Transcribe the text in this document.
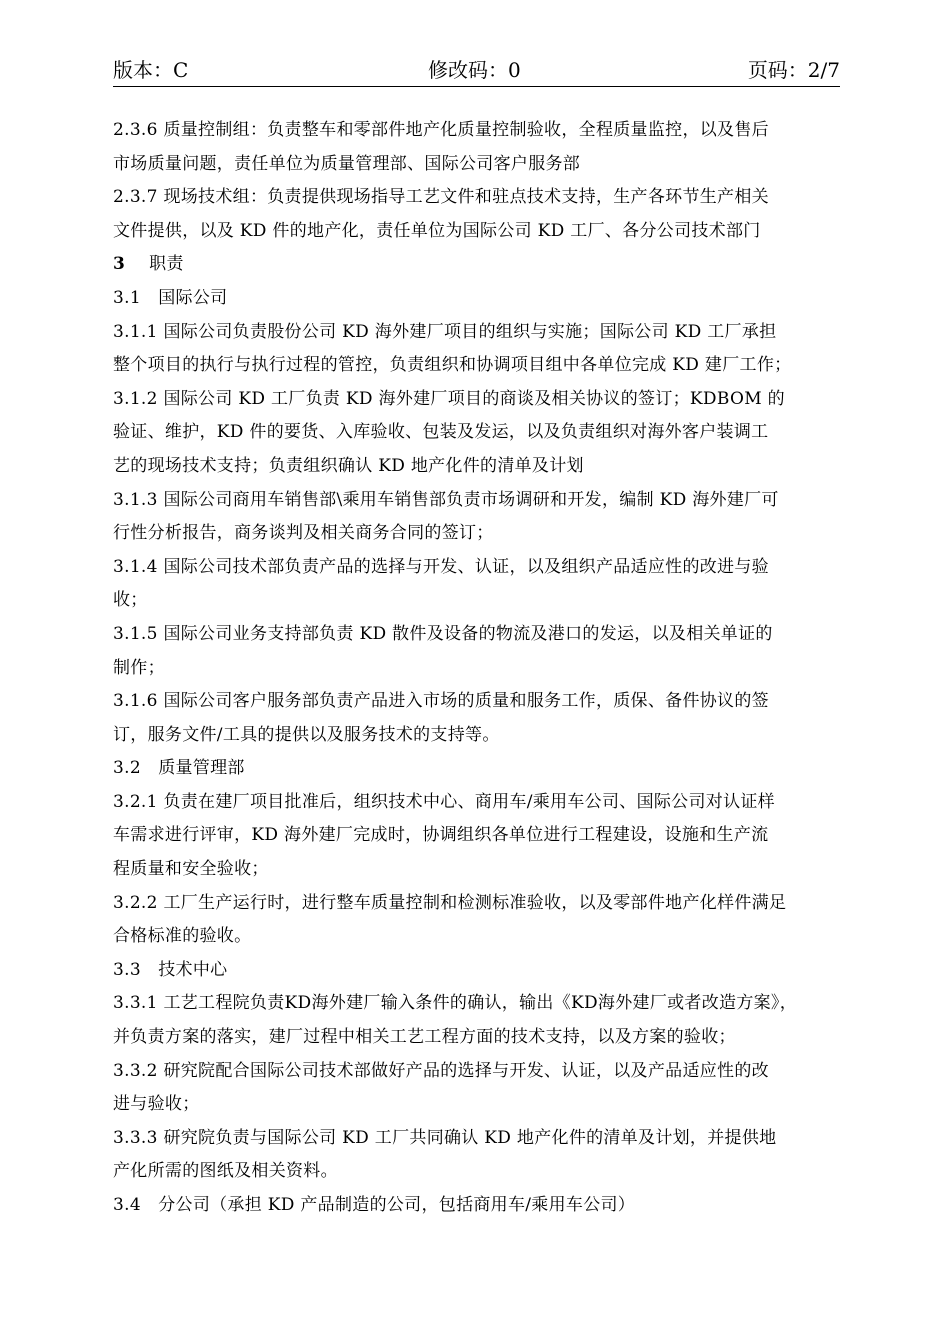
版本：C	修改码：0	页码：2/7
2.3.6 质量控制组：负责整车和零部件地产化质量控制验收，全程质量监控，以及售后
市场质量问题，责任单位为质量管理部、国际公司客户服务部
2.3.7 现场技术组：负责提供现场指导工艺文件和驻点技术支持，生产各环节生产相关
文件提供，以及 KD 件的地产化，责任单位为国际公司 KD 工厂、各分公司技术部门
3 职责
3.1　国际公司
3.1.1 国际公司负责股份公司 KD 海外建厂项目的组织与实施；国际公司 KD 工厂承担
整个项目的执行与执行过程的管控，负责组织和协调项目组中各单位完成 KD 建厂工作；
3.1.2 国际公司 KD 工厂负责 KD 海外建厂项目的商谈及相关协议的签订；KDBOM 的
验证、维护，KD 件的要货、入库验收、包装及发运，以及负责组织对海外客户装调工
艺的现场技术支持；负责组织确认 KD 地产化件的清单及计划
3.1.3 国际公司商用车销售部\乘用车销售部负责市场调研和开发，编制 KD 海外建厂可
行性分析报告，商务谈判及相关商务合同的签订；
3.1.4 国际公司技术部负责产品的选择与开发、认证，以及组织产品适应性的改进与验
收；
3.1.5 国际公司业务支持部负责 KD 散件及设备的物流及港口的发运，以及相关单证的
制作；
3.1.6 国际公司客户服务部负责产品进入市场的质量和服务工作，质保、备件协议的签
订，服务文件/工具的提供以及服务技术的支持等。
3.2　质量管理部
3.2.1 负责在建厂项目批准后，组织技术中心、商用车/乘用车公司、国际公司对认证样
车需求进行评审，KD 海外建厂完成时，协调组织各单位进行工程建设，设施和生产流
程质量和安全验收；
3.2.2 工厂生产运行时，进行整车质量控制和检测标准验收，以及零部件地产化样件满足
合格标准的验收。
3.3　技术中心
3.3.1 工艺工程院负责KD海外建厂输入条件的确认，输出《KD海外建厂或者改造方案》，
并负责方案的落实，建厂过程中相关工艺工程方面的技术支持，以及方案的验收；
3.3.2 研究院配合国际公司技术部做好产品的选择与开发、认证，以及产品适应性的改
进与验收；
3.3.3 研究院负责与国际公司 KD 工厂共同确认 KD 地产化件的清单及计划，并提供地
产化所需的图纸及相关资料。
3.4　分公司（承担 KD 产品制造的公司，包括商用车/乘用车公司）
